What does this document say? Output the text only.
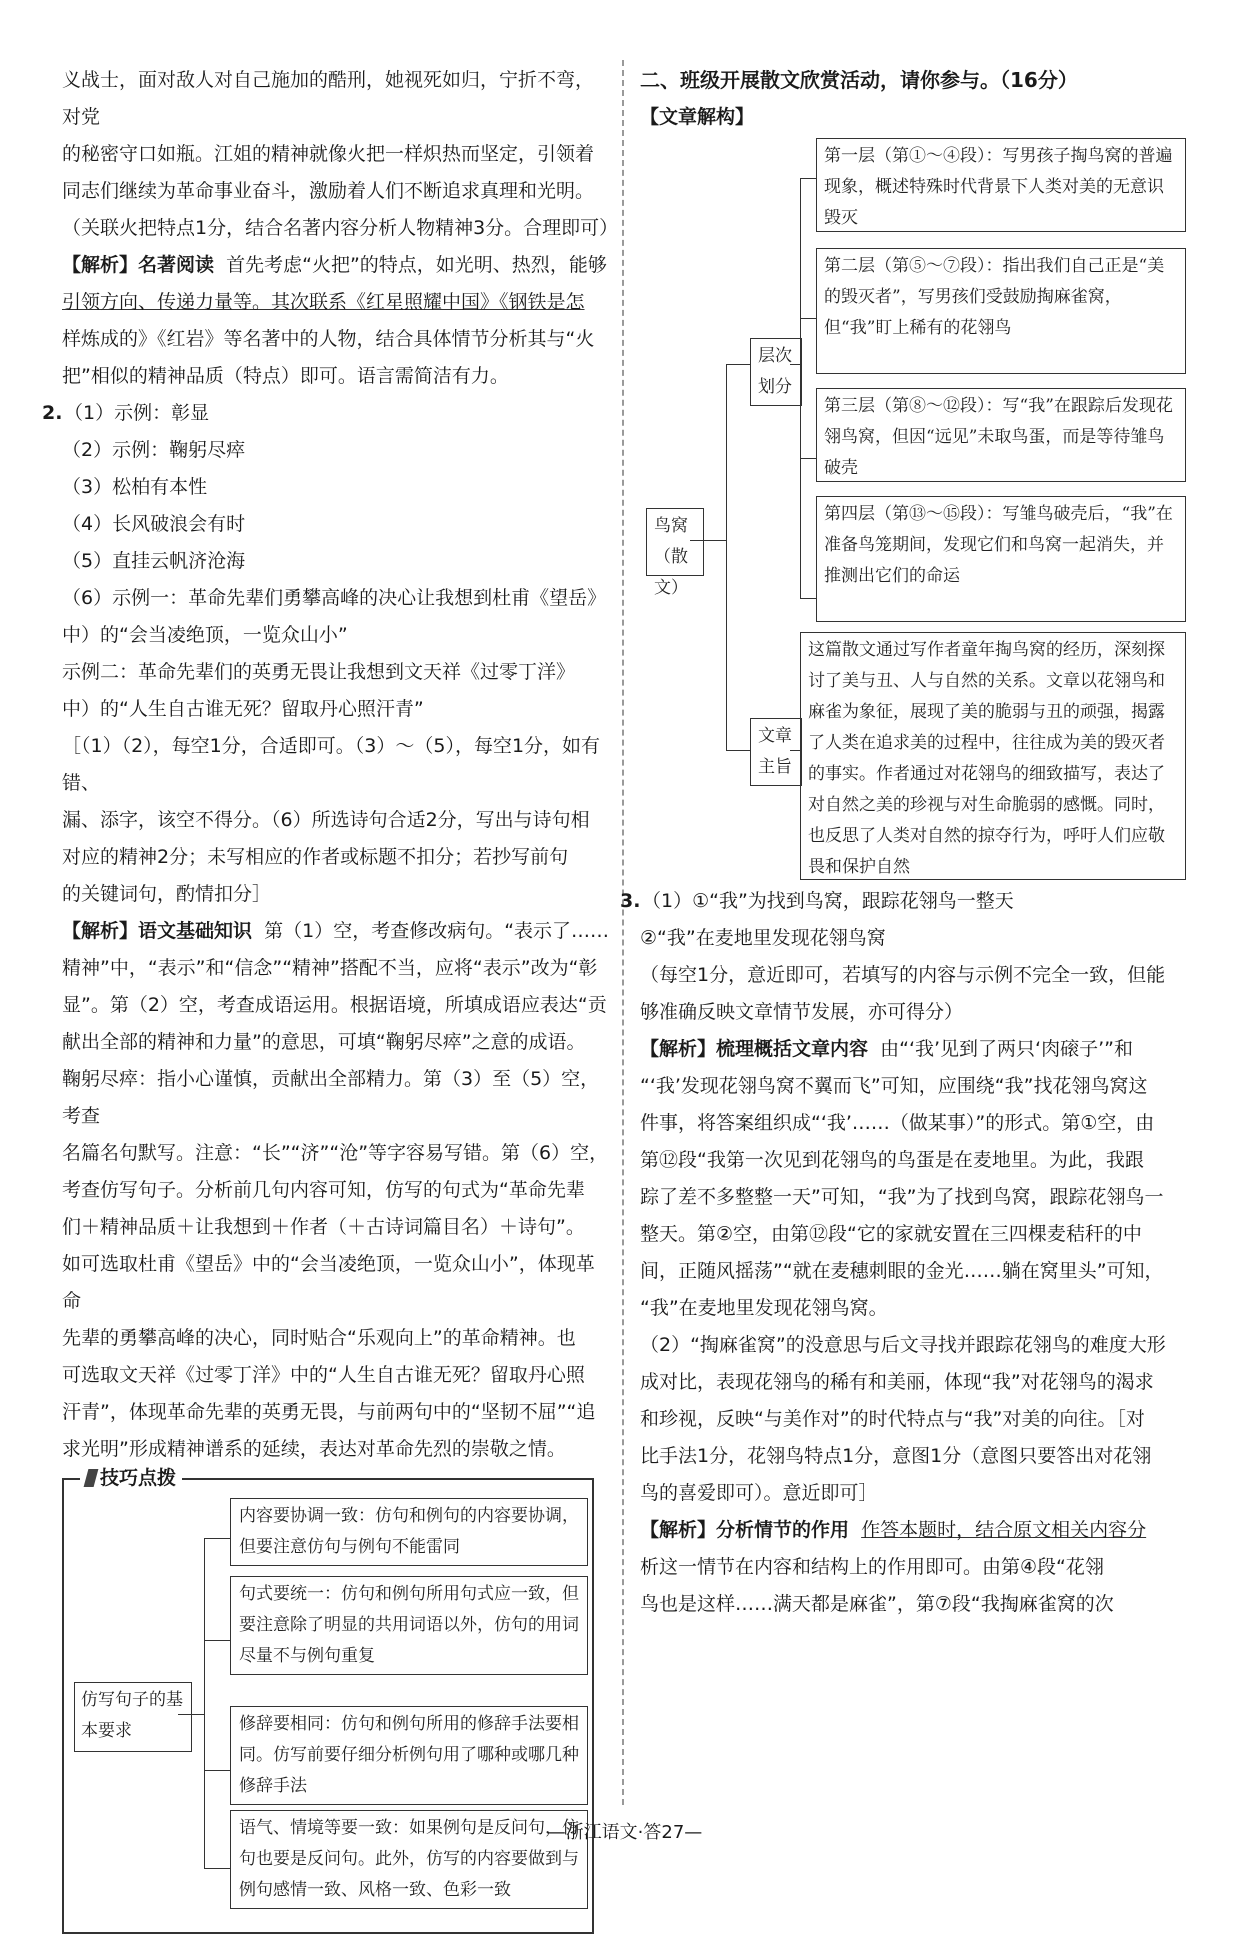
义战士，面对敌人对自己施加的酷刑，她视死如归，宁折不弯，对党

的秘密守口如瓶。江姐的精神就像火把一样炽热而坚定，引领着

同志们继续为革命事业奋斗，激励着人们不断追求真理和光明。

（关联火把特点1分，结合名著内容分析人物精神3分。合理即可）

【解析】名著阅读 首先考虑“火把”的特点，如光明、热烈，能够

引领方向、传递力量等。其次联系《红星照耀中国》《钢铁是怎

样炼成的》《红岩》等名著中的人物，结合具体情节分析其与“火

把”相似的精神品质（特点）即可。语言需简洁有力。

2.（1）示例：彰显

（2）示例：鞠躬尽瘁

（3）松柏有本性

（4）长风破浪会有时

（5）直挂云帆济沧海

（6）示例一：革命先辈们勇攀高峰的决心让我想到杜甫《望岳》

中）的“会当凌绝顶，一览众山小”

示例二：革命先辈们的英勇无畏让我想到文天祥《过零丁洋》

中）的“人生自古谁无死？留取丹心照汗青”

［（1）（2），每空1分，合适即可。（3）～（5），每空1分，如有错、

漏、添字，该空不得分。（6）所选诗句合适2分，写出与诗句相

对应的精神2分；未写相应的作者或标题不扣分；若抄写前句

的关键词句，酌情扣分］

【解析】语文基础知识 第（1）空，考查修改病句。“表示了……

精神”中，“表示”和“信念”“精神”搭配不当，应将“表示”改为“彰

显”。第（2）空，考查成语运用。根据语境，所填成语应表达“贡

献出全部的精神和力量”的意思，可填“鞠躬尽瘁”之意的成语。

鞠躬尽瘁：指小心谨慎，贡献出全部精力。第（3）至（5）空，考查

名篇名句默写。注意：“长”“济”“沧”等字容易写错。第（6）空，

考查仿写句子。分析前几句内容可知，仿写的句式为“革命先辈

们＋精神品质＋让我想到＋作者（＋古诗词篇目名）＋诗句”。

如可选取杜甫《望岳》中的“会当凌绝顶，一览众山小”，体现革命

先辈的勇攀高峰的决心，同时贴合“乐观向上”的革命精神。也

可选取文天祥《过零丁洋》中的“人生自古谁无死？留取丹心照

汗青”，体现革命先辈的英勇无畏，与前两句中的“坚韧不屈”“追

求光明”形成精神谱系的延续，表达对革命先烈的崇敬之情。

技巧点拨
仿写句子的基本要求
内容要协调一致：仿句和例句的内容要协调，但要注意仿句与例句不能雷同
句式要统一：仿句和例句所用句式应一致，但要注意除了明显的共用词语以外，仿句的用词尽量不与例句重复
修辞要相同：仿句和例句所用的修辞手法要相同。仿写前要仔细分析例句用了哪种或哪几种修辞手法
语气、情境等要一致：如果例句是反问句，仿句也要是反问句。此外，仿写的内容要做到与例句感情一致、风格一致、色彩一致

二、班级开展散文欣赏活动，请你参与。（16分）

【文章解构】

鸟窝（散文）
层次划分
文章主旨
第一层（第①～④段）：写男孩子掏鸟窝的普遍现象，概述特殊时代背景下人类对美的无意识毁灭
第二层（第⑤～⑦段）：指出我们自己正是“美的毁灭者”，写男孩们受鼓励掏麻雀窝，但“我”盯上稀有的花翎鸟
第三层（第⑧～⑫段）：写“我”在跟踪后发现花翎鸟窝，但因“远见”未取鸟蛋，而是等待雏鸟破壳
第四层（第⑬～⑮段）：写雏鸟破壳后，“我”在准备鸟笼期间，发现它们和鸟窝一起消失，并推测出它们的命运
这篇散文通过写作者童年掏鸟窝的经历，深刻探讨了美与丑、人与自然的关系。文章以花翎鸟和麻雀为象征，展现了美的脆弱与丑的顽强，揭露了人类在追求美的过程中，往往成为美的毁灭者的事实。作者通过对花翎鸟的细致描写，表达了对自然之美的珍视与对生命脆弱的感慨。同时，也反思了人类对自然的掠夺行为，呼吁人们应敬畏和保护自然

3.（1）①“我”为找到鸟窝，跟踪花翎鸟一整天

②“我”在麦地里发现花翎鸟窝

（每空1分，意近即可，若填写的内容与示例不完全一致，但能

够准确反映文章情节发展，亦可得分）

【解析】梳理概括文章内容 由“‘我’见到了两只‘肉磙子’”和

“‘我’发现花翎鸟窝不翼而飞”可知，应围绕“我”找花翎鸟窝这

件事，将答案组织成“‘我’……（做某事）”的形式。第①空，由

第⑫段“我第一次见到花翎鸟的鸟蛋是在麦地里。为此，我跟

踪了差不多整整一天”可知，“我”为了找到鸟窝，跟踪花翎鸟一

整天。第②空，由第⑫段“它的家就安置在三四棵麦秸秆的中

间，正随风摇荡”“就在麦穗刺眼的金光……躺在窝里头”可知，

“我”在麦地里发现花翎鸟窝。

（2）“掏麻雀窝”的没意思与后文寻找并跟踪花翎鸟的难度大形

成对比，表现花翎鸟的稀有和美丽，体现“我”对花翎鸟的渴求

和珍视，反映“与美作对”的时代特点与“我”对美的向往。［对

比手法1分，花翎鸟特点1分，意图1分（意图只要答出对花翎

鸟的喜爱即可）。意近即可］

【解析】分析情节的作用 作答本题时，结合原文相关内容分

析这一情节在内容和结构上的作用即可。由第④段“花翎

鸟也是这样……满天都是麻雀”，第⑦段“我掏麻雀窝的次

—浙江语文·答27—
